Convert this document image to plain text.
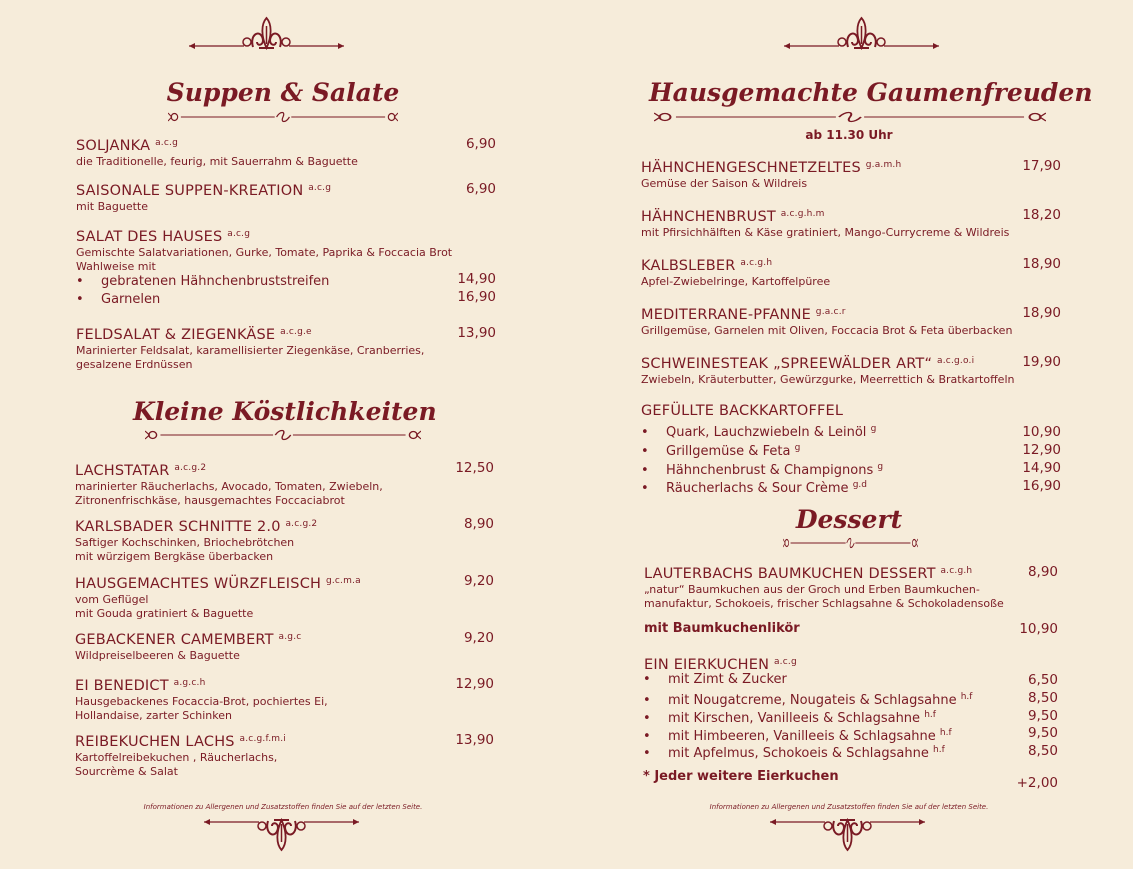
Suppen & Salate
SOLJANKA $^{a.c.g}$
die Traditionelle, feurig, mit Sauerrahm & Baguette
6,90
SAISONALE SUPPEN-KREATION $^{a.c.g}$
mit Baguette
6,90
SALAT DES HAUSES $^{a.c.g}$
Gemischte Salatvariationen, Gurke, Tomate, Paprika & Foccacia Brot
Wahlweise mit
• gebratenen Hähnchenbruststreifen	14,90
• Garnelen	16,90
FELDSALAT & ZIEGENKÄSE $^{a.c.g.e}$
Marinierter Feldsalat, karamellisierter Ziegenkäse, Cranberries,
gesalzene Erdnüssen
13,90
Kleine Köstlichkeiten
LACHSTATAR $^{a.c.g.2}$
marinierter Räucherlachs, Avocado, Tomaten, Zwiebeln,
Zitronenfrischkäse, hausgemachtes Foccaciabrot
12,50
KARLSBADER SCHNITTE 2.0 $^{a.c.g.2}$
Saftiger Kochschinken, Briochebrötchen
mit würzigem Bergkäse überbacken
8,90
HAUSGEMACHTES WÜRZFLEISCH $^{g.c.m.a}$
vom Geflügel
mit Gouda gratiniert & Baguette
9,20
GEBACKENER CAMEMBERT $^{a.g.c}$
Wildpreiselbeeren & Baguette
9,20
EI BENEDICT $^{a.g.c.h}$
Hausgebackenes Focaccia-Brot, pochiertes Ei,
Hollandaise, zarter Schinken
12,90
REIBEKUCHEN LACHS $^{a.c.g.f.m.i}$
Kartoffelreibekuchen , Räucherlachs,
Sourcrème & Salat
13,90
Informationen zu Allergenen und Zusatzstoffen finden Sie auf der letzten Seite.
Hausgemachte Gaumenfreuden
ab 11.30 Uhr
HÄHNCHENGESCHNETZELTES $^{g.a.m.h}$
Gemüse der Saison & Wildreis
17,90
HÄHNCHENBRUST $^{a.c.g.h.m}$
mit Pfirsichhälften & Käse gratiniert, Mango-Currycreme & Wildreis
18,20
KALBSLEBER $^{a.c.g.h}$
Apfel-Zwiebelringe, Kartoffelpüree
18,90
MEDITERRANE-PFANNE $^{g.a.c.r}$
Grillgemüse, Garnelen mit Oliven, Foccacia Brot & Feta überbacken
18,90
SCHWEINESTEAK „SPREEWÄLDER ART“ $^{a.c.g.o.i}$
Zwiebeln, Kräuterbutter, Gewürzgurke, Meerrettich & Bratkartoffeln
19,90
GEFÜLLTE BACKKARTOFFEL
• Quark, Lauchzwiebeln & Leinöl $^g$	10,90
• Grillgemüse & Feta $^g$	12,90
• Hähnchenbrust & Champignons $^g$	14,90
• Räucherlachs & Sour Crème $^{g.d}$	16,90
Dessert
LAUTERBACHS BAUMKUCHEN DESSERT $^{a.c.g.h}$
„natur“ Baumkuchen aus der Groch und Erben Baumkuchen-
manufaktur, Schokoeis, frischer Schlagsahne & Schokoladensoße
8,90
mit Baumkuchenlikör	10,90
EIN EIERKUCHEN $^{a.c.g}$
• mit Zimt & Zucker	6,50
• mit Nougatcreme, Nougateis & Schlagsahne $^{h.f}$	8,50
• mit Kirschen, Vanilleeis & Schlagsahne $^{h.f}$	9,50
• mit Himbeeren, Vanilleeis & Schlagsahne $^{h.f}$	9,50
• mit Apfelmus, Schokoeis & Schlagsahne $^{h.f}$	8,50
* Jeder weitere Eierkuchen	+2,00
Informationen zu Allergenen und Zusatzstoffen finden Sie auf der letzten Seite.
